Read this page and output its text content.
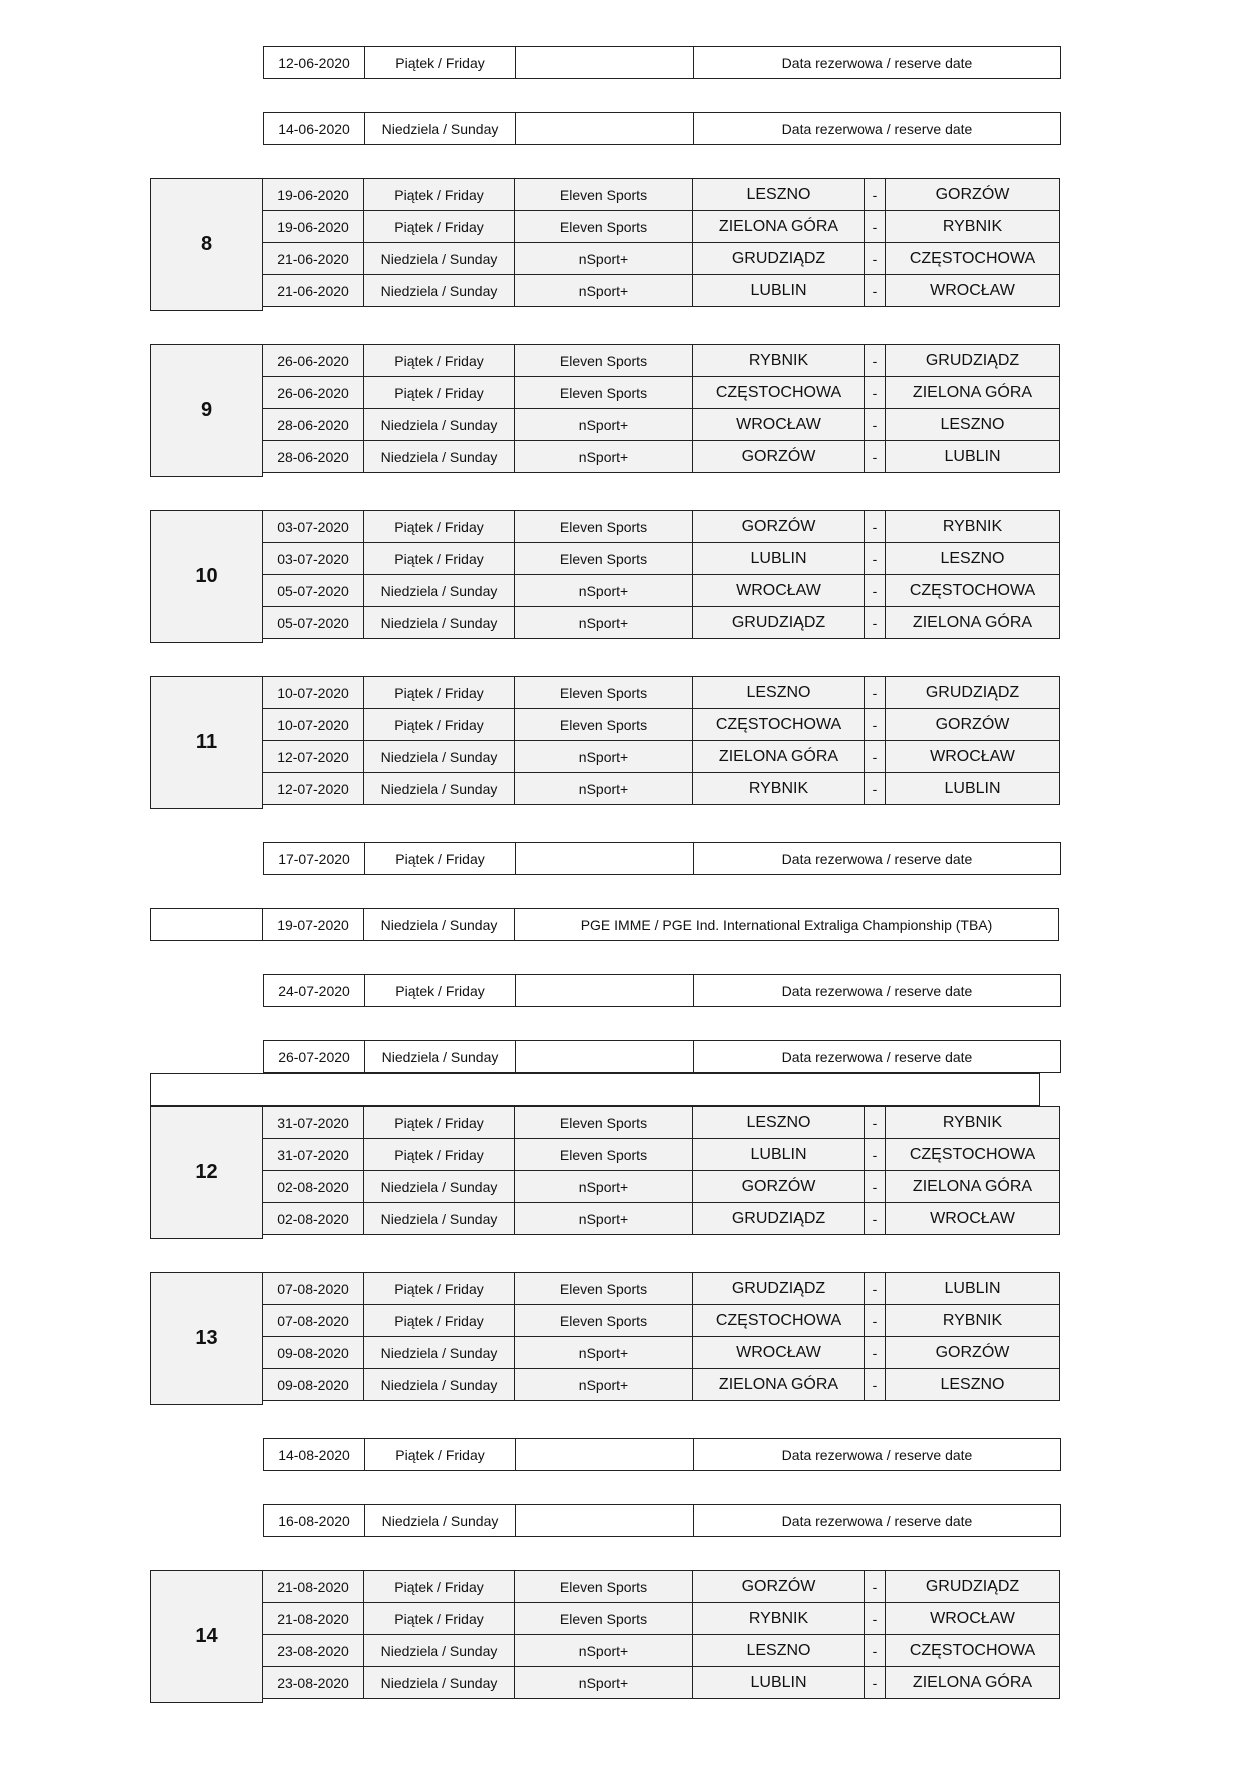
12-06-2020	Piątek / Friday	Data rezerwowa / reserve date
14-06-2020	Niedziela / Sunday	Data rezerwowa / reserve date
8
19-06-2020	Piątek / Friday	Eleven Sports	LESZNO	-	GORZÓW
19-06-2020	Piątek / Friday	Eleven Sports	ZIELONA GÓRA	-	RYBNIK
21-06-2020	Niedziela / Sunday	nSport+	GRUDZIĄDZ	-	CZĘSTOCHOWA
21-06-2020	Niedziela / Sunday	nSport+	LUBLIN	-	WROCŁAW
9
26-06-2020	Piątek / Friday	Eleven Sports	RYBNIK	-	GRUDZIĄDZ
26-06-2020	Piątek / Friday	Eleven Sports	CZĘSTOCHOWA	-	ZIELONA GÓRA
28-06-2020	Niedziela / Sunday	nSport+	WROCŁAW	-	LESZNO
28-06-2020	Niedziela / Sunday	nSport+	GORZÓW	-	LUBLIN
10
03-07-2020	Piątek / Friday	Eleven Sports	GORZÓW	-	RYBNIK
03-07-2020	Piątek / Friday	Eleven Sports	LUBLIN	-	LESZNO
05-07-2020	Niedziela / Sunday	nSport+	WROCŁAW	-	CZĘSTOCHOWA
05-07-2020	Niedziela / Sunday	nSport+	GRUDZIĄDZ	-	ZIELONA GÓRA
11
10-07-2020	Piątek / Friday	Eleven Sports	LESZNO	-	GRUDZIĄDZ
10-07-2020	Piątek / Friday	Eleven Sports	CZĘSTOCHOWA	-	GORZÓW
12-07-2020	Niedziela / Sunday	nSport+	ZIELONA GÓRA	-	WROCŁAW
12-07-2020	Niedziela / Sunday	nSport+	RYBNIK	-	LUBLIN
17-07-2020	Piątek / Friday	Data rezerwowa / reserve date
19-07-2020	Niedziela / Sunday	PGE IMME / PGE Ind. International Extraliga Championship (TBA)
24-07-2020	Piątek / Friday	Data rezerwowa / reserve date
26-07-2020	Niedziela / Sunday	Data rezerwowa / reserve date
12
31-07-2020	Piątek / Friday	Eleven Sports	LESZNO	-	RYBNIK
31-07-2020	Piątek / Friday	Eleven Sports	LUBLIN	-	CZĘSTOCHOWA
02-08-2020	Niedziela / Sunday	nSport+	GORZÓW	-	ZIELONA GÓRA
02-08-2020	Niedziela / Sunday	nSport+	GRUDZIĄDZ	-	WROCŁAW
13
07-08-2020	Piątek / Friday	Eleven Sports	GRUDZIĄDZ	-	LUBLIN
07-08-2020	Piątek / Friday	Eleven Sports	CZĘSTOCHOWA	-	RYBNIK
09-08-2020	Niedziela / Sunday	nSport+	WROCŁAW	-	GORZÓW
09-08-2020	Niedziela / Sunday	nSport+	ZIELONA GÓRA	-	LESZNO
14-08-2020	Piątek / Friday	Data rezerwowa / reserve date
16-08-2020	Niedziela / Sunday	Data rezerwowa / reserve date
14
21-08-2020	Piątek / Friday	Eleven Sports	GORZÓW	-	GRUDZIĄDZ
21-08-2020	Piątek / Friday	Eleven Sports	RYBNIK	-	WROCŁAW
23-08-2020	Niedziela / Sunday	nSport+	LESZNO	-	CZĘSTOCHOWA
23-08-2020	Niedziela / Sunday	nSport+	LUBLIN	-	ZIELONA GÓRA
